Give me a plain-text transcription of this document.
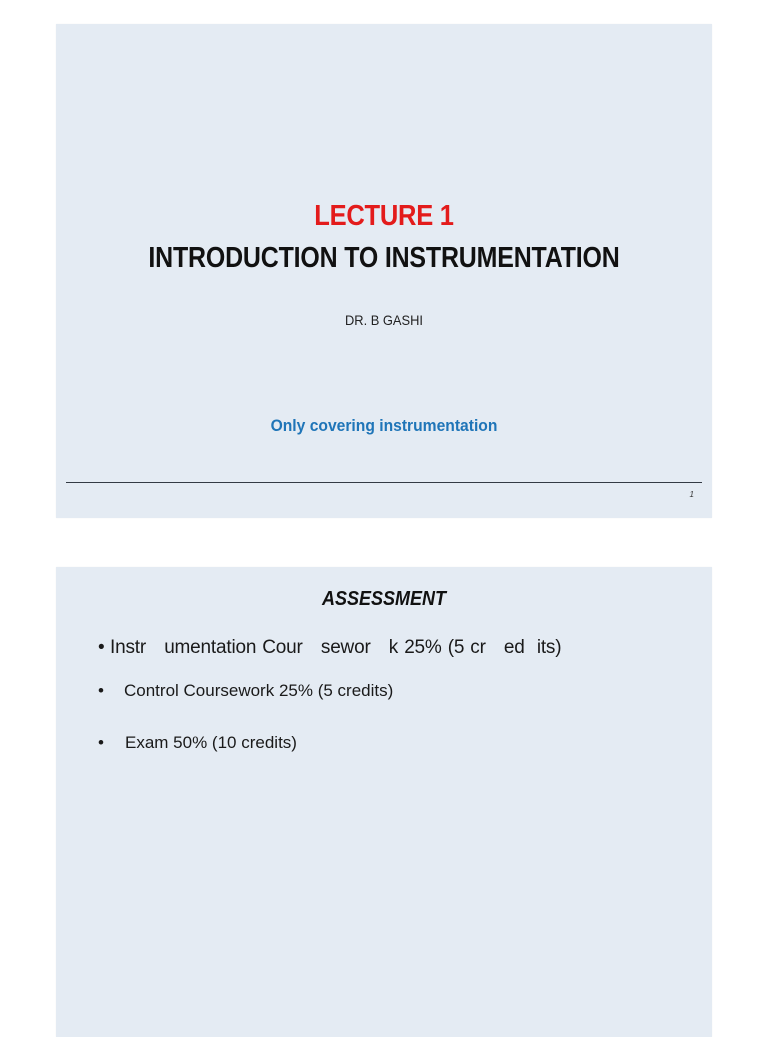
LECTURE 1
INTRODUCTION TO INSTRUMENTATION
DR. B GASHI
Only covering instrumentation
1
ASSESSMENT
• Instr   umentation Cour   sewor   k 25% (5 cr   ed  its)
• Control Coursework 25% (5 credits)
• Exam 50% (10 credits)
